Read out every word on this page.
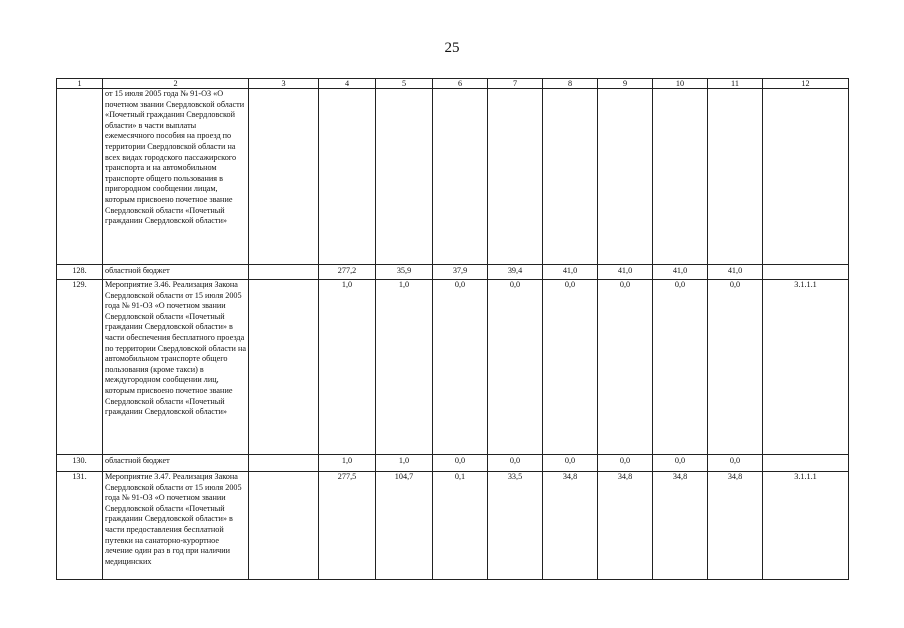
25
1	2	3	4	5	6	7	8	9	10	11	12
	от 15 июля 2005 года № 91-ОЗ «О почетном звании Свердловской области «Почетный гражданин Свердловской области» в части выплаты ежемесячного пособия на проезд по территории Свердловской области на всех видах городского пассажирского транспорта и на автомобильном транспорте общего пользования в пригородном сообщении лицам, которым присвоено почетное звание Свердловской области «Почетный гражданин Свердловской области»										
128.	областной бюджет		277,2	35,9	37,9	39,4	41,0	41,0	41,0	41,0	
129.	Мероприятие 3.46. Реализация Закона Свердловской области от 15 июля 2005 года № 91-ОЗ «О почетном звании Свердловской области «Почетный гражданин Свердловской области» в части обеспечения бесплатного проезда по территории Свердловской области на автомобильном транспорте общего пользования (кроме такси) в междугородном сообщении лиц, которым присвоено почетное звание Свердловской области «Почетный гражданин Свердловской области»		1,0	1,0	0,0	0,0	0,0	0,0	0,0	0,0	3.1.1.1
130.	областной бюджет		1,0	1,0	0,0	0,0	0,0	0,0	0,0	0,0	
131.	Мероприятие 3.47. Реализация Закона Свердловской области от 15 июля 2005 года № 91-ОЗ «О почетном звании Свердловской области «Почетный гражданин Свердловской области» в части предоставления бесплатной путевки на санаторно-курортное лечение один раз в год при наличии медицинских		277,5	104,7	0,1	33,5	34,8	34,8	34,8	34,8	3.1.1.1
